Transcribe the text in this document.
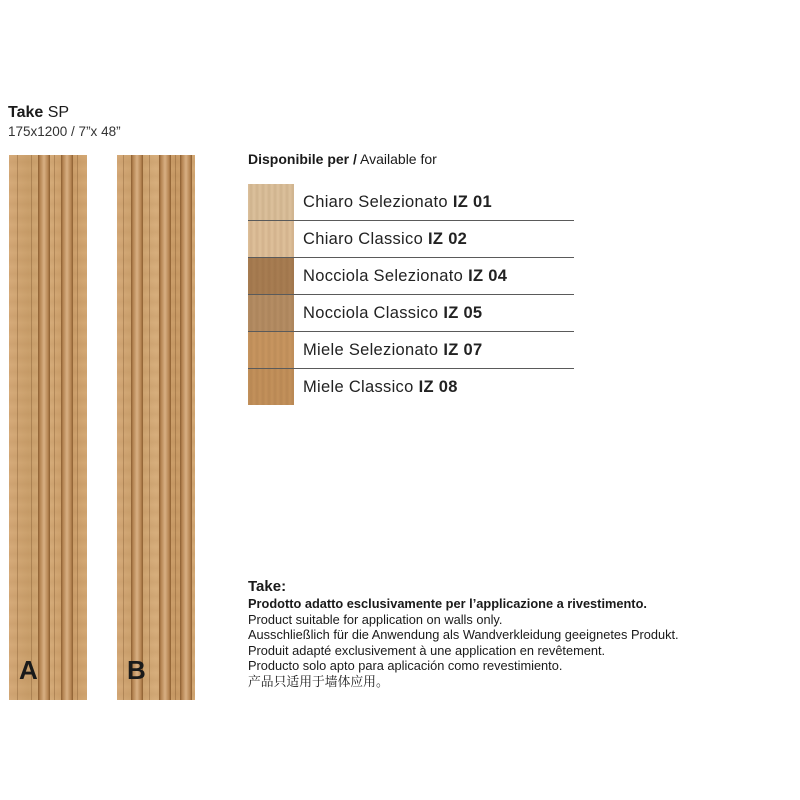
Take SP
175x1200 / 7”x 48”
A	B
Disponibile per / Available for
Chiaro Selezionato IZ 01
Chiaro Classico IZ 02
Nocciola Selezionato IZ 04
Nocciola Classico IZ 05
Miele Selezionato IZ 07
Miele Classico IZ 08
Take:
Prodotto adatto esclusivamente per l’applicazione a rivestimento.
Product suitable for application on walls only.
Ausschließlich für die Anwendung als Wandverkleidung geeignetes Produkt.
Produit adapté exclusivement à une application en revêtement.
Producto solo apto para aplicación como revestimiento.
产品只适用于墙体应用。
